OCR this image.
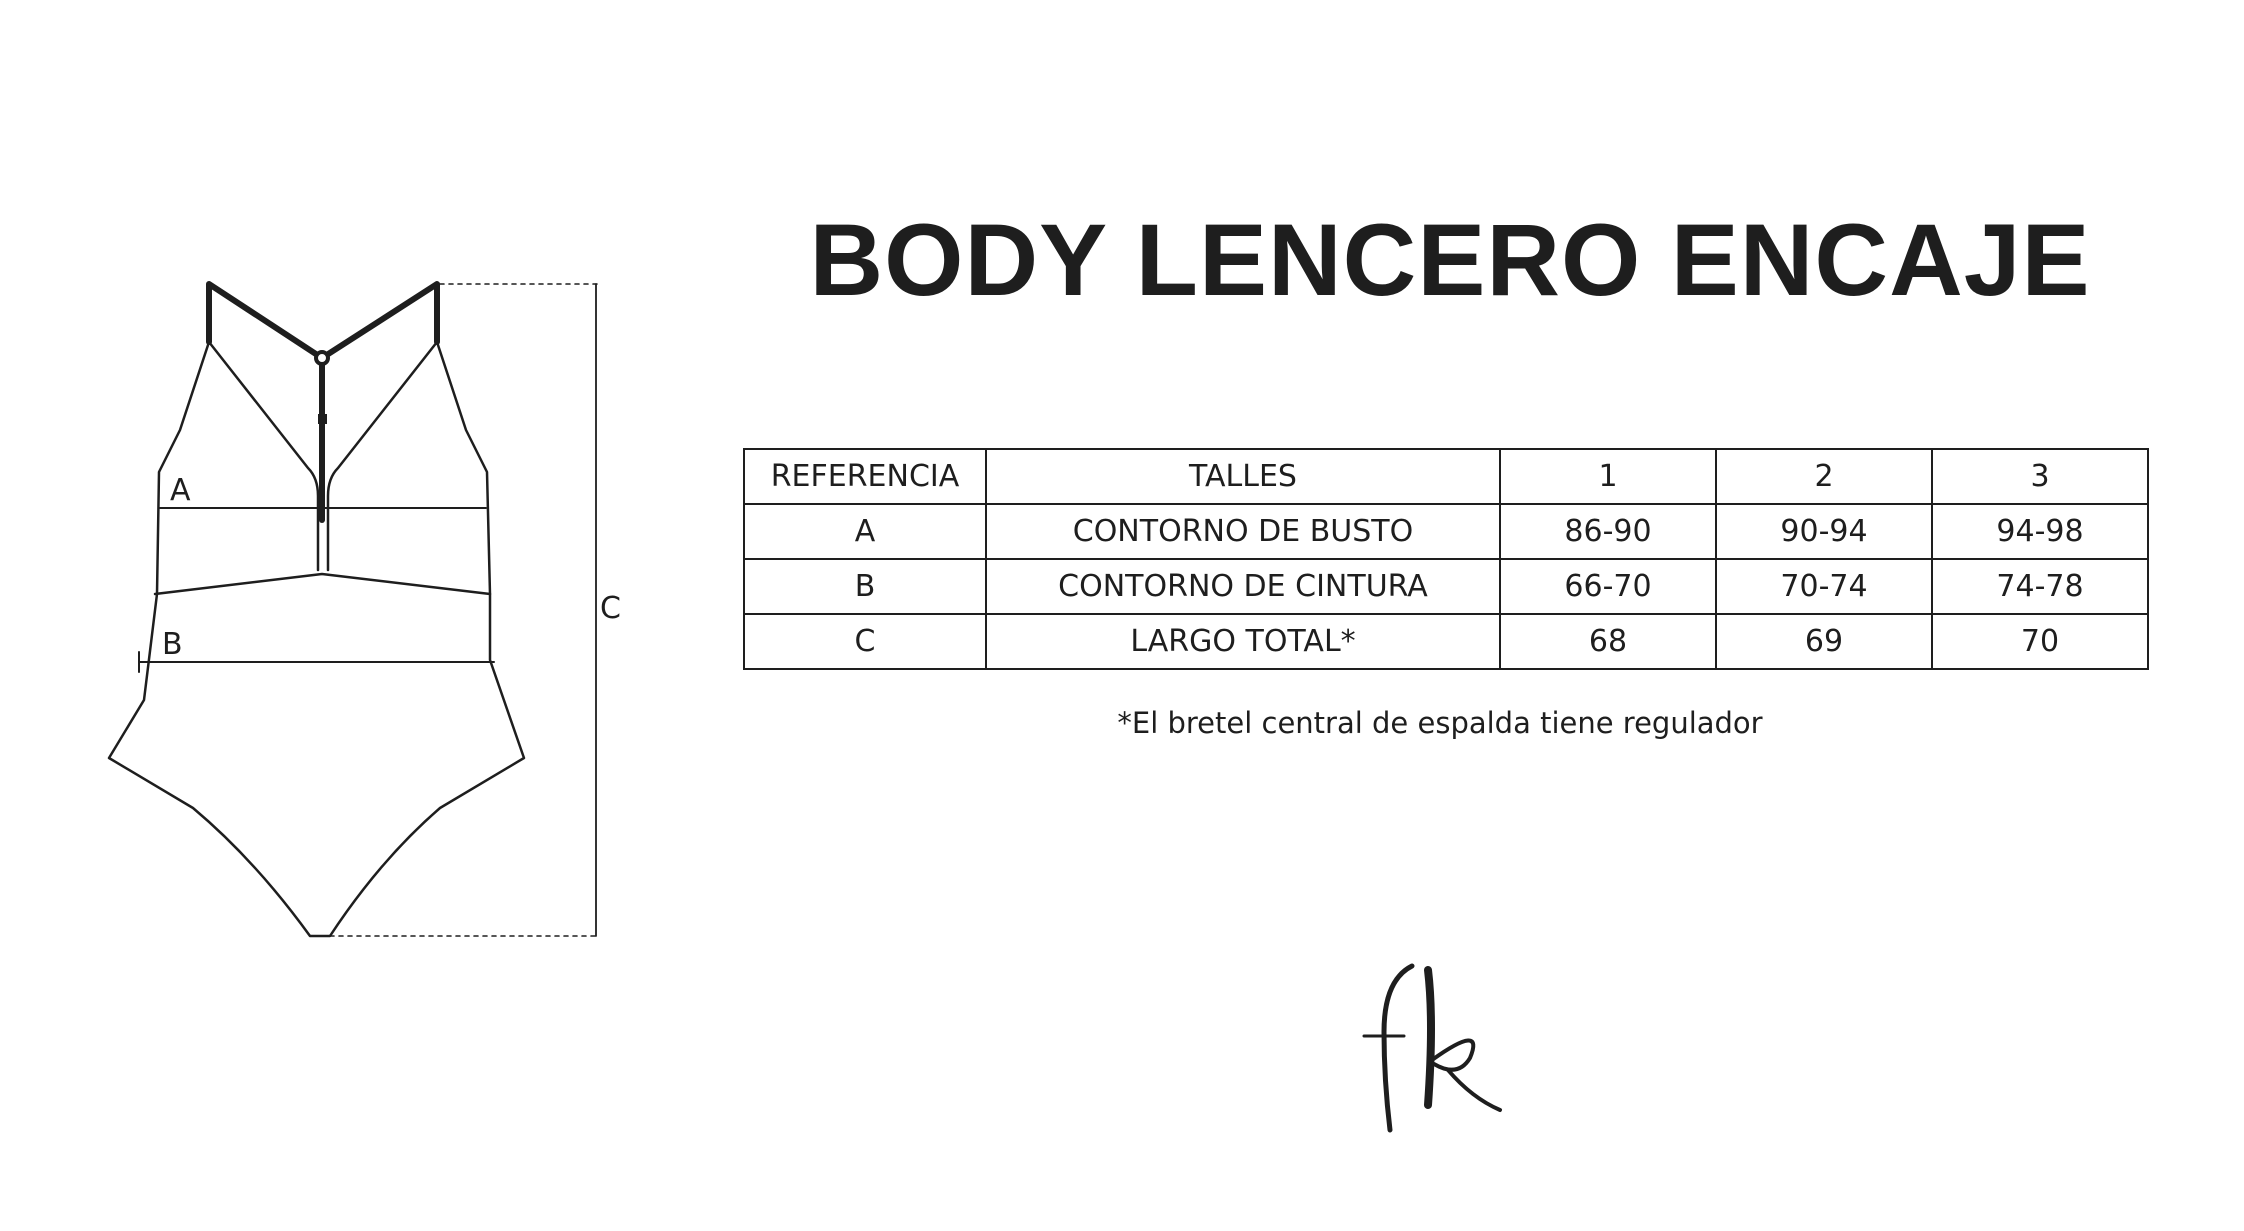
A
B
C
BODY LENCERO ENCAJE
REFERENCIA	TALLES	1	2	3
A	CONTORNO DE BUSTO	86-90	90-94	94-98
B	CONTORNO DE CINTURA	66-70	70-74	74-78
C	LARGO TOTAL*	68	69	70
*El bretel central de espalda tiene regulador
